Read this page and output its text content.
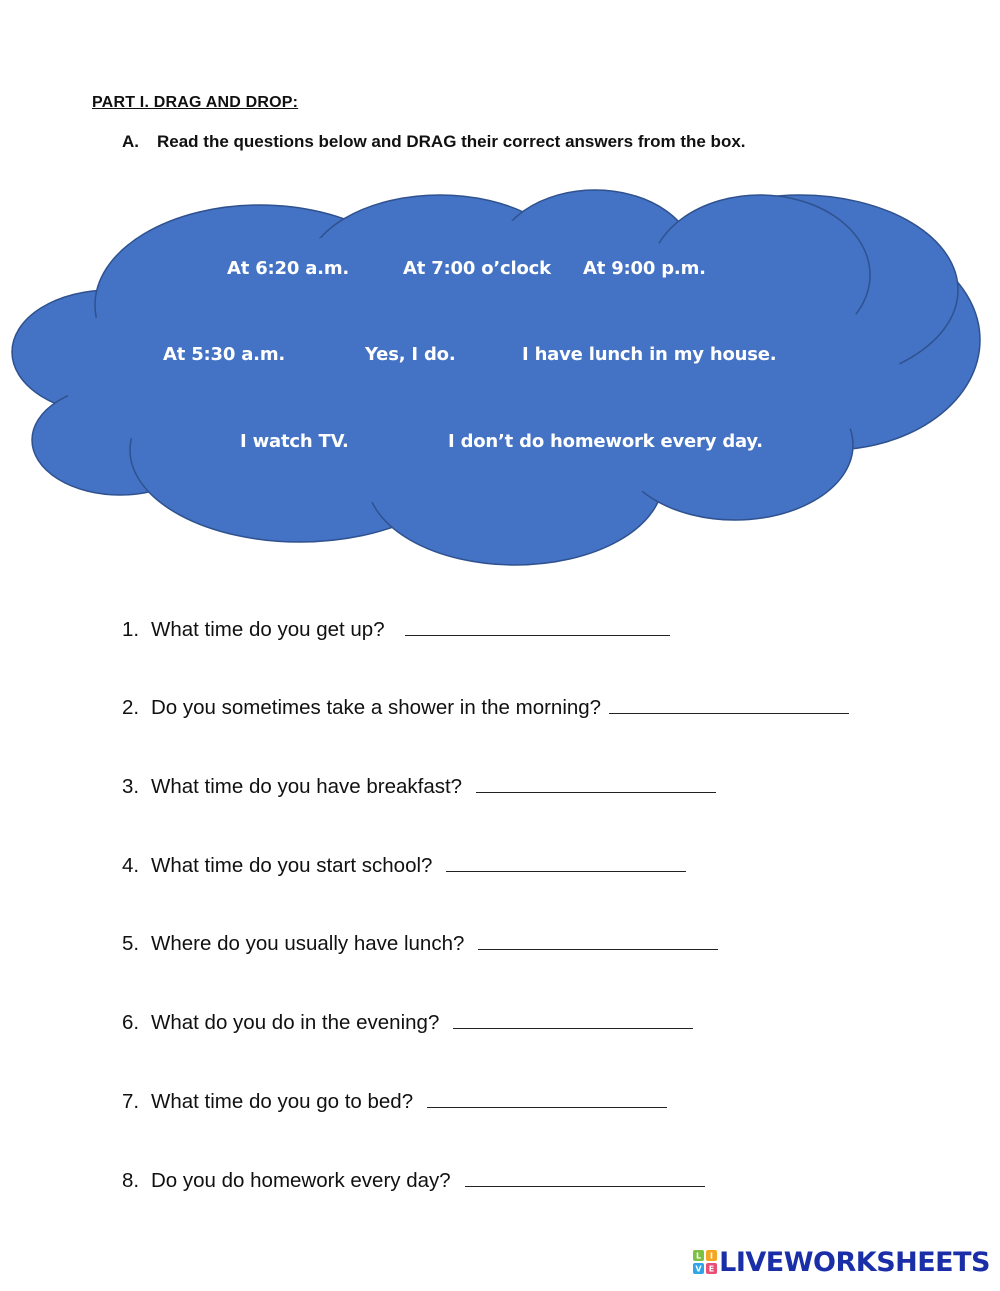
PART I. DRAG AND DROP:
A. Read the questions below and DRAG their correct answers from the box.
At 6:20 a.m.	At 7:00 o’clock At 9:00 p.m.
At 5:30 a.m.	Yes, I do.	I have lunch in my house.
I watch TV.	I don’t do homework every day.
1. What time do you get up?
2. Do you sometimes take a shower in the morning?
3. What time do you have breakfast?
4. What time do you start school?
5. Where do you usually have lunch?
6. What do you do in the evening?
7. What time do you go to bed?
8. Do you do homework every day?
L I
V E LIVEWORKSHEETS
